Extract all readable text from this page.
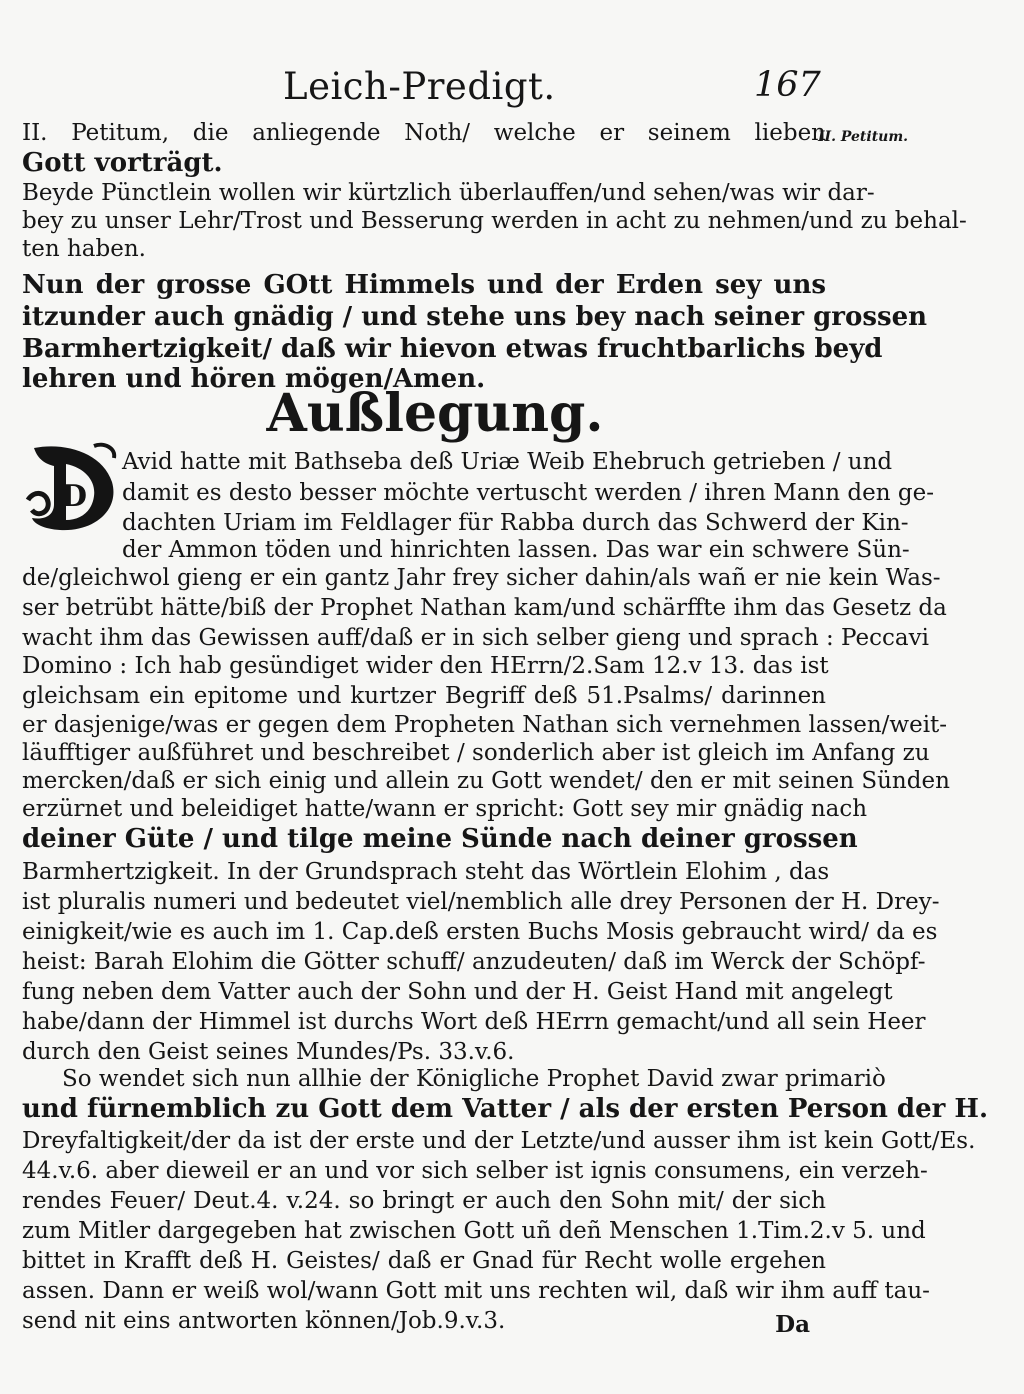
Leich-Predigt.	167
II. Petitum.
II. Petitum, die anliegende Noth/ welche er seinem lieben
Gott vorträgt.
Beyde Pünctlein wollen wir kürtzlich überlauffen/und sehen/was wir dar-
bey zu unser Lehr/Trost und Besserung werden in acht zu nehmen/und zu behal-
ten haben.
Nun der grosse GOtt Himmels und der Erden sey uns
itzunder auch gnädig / und stehe uns bey nach seiner grossen
Barmhertzigkeit/ daß wir hievon etwas fruchtbarlichs beyd
lehren und hören mögen/Amen.
Außlegung.
D
Avid hatte mit Bathseba deß Uriæ Weib Ehebruch getrieben / und
damit es desto besser möchte vertuscht werden / ihren Mann den ge-
dachten Uriam im Feldlager für Rabba durch das Schwerd der Kin-
der Ammon töden und hinrichten lassen. Das war ein schwere Sün-
de/gleichwol gieng er ein gantz Jahr frey sicher dahin/als wañ er nie kein Was-
ser betrübt hätte/biß der Prophet Nathan kam/und schärffte ihm das Gesetz da
wacht ihm das Gewissen auff/daß er in sich selber gieng und sprach : Peccavi
Domino : Ich hab gesündiget wider den HErrn/2.Sam 12.v 13. das ist
gleichsam ein epitome und kurtzer Begriff deß 51.Psalms/ darinnen
er dasjenige/was er gegen dem Propheten Nathan sich vernehmen lassen/weit-
läufftiger außführet und beschreibet / sonderlich aber ist gleich im Anfang zu
mercken/daß er sich einig und allein zu Gott wendet/ den er mit seinen Sünden
erzürnet und beleidiget hatte/wann er spricht: Gott sey mir gnädig nach
deiner Güte / und tilge meine Sünde nach deiner grossen
Barmhertzigkeit. In der Grundsprach steht das Wörtlein Elohim , das
ist pluralis numeri und bedeutet viel/nemblich alle drey Personen der H. Drey-
einigkeit/wie es auch im 1. Cap.deß ersten Buchs Mosis gebraucht wird/ da es
heist: Barah Elohim die Götter schuff/ anzudeuten/ daß im Werck der Schöpf-
fung neben dem Vatter auch der Sohn und der H. Geist Hand mit angelegt
habe/dann der Himmel ist durchs Wort deß HErrn gemacht/und all sein Heer
durch den Geist seines Mundes/Ps. 33.v.6.
So wendet sich nun allhie der Königliche Prophet David zwar primariò
und fürnemblich zu Gott dem Vatter / als der ersten Person der H.
Dreyfaltigkeit/der da ist der erste und der Letzte/und ausser ihm ist kein Gott/Es.
44.v.6. aber dieweil er an und vor sich selber ist ignis consumens, ein verzeh-
rendes Feuer/ Deut.4. v.24. so bringt er auch den Sohn mit/ der sich
zum Mitler dargegeben hat zwischen Gott uñ deñ Menschen 1.Tim.2.v 5. und
bittet in Krafft deß H. Geistes/ daß er Gnad für Recht wolle ergehen
assen. Dann er weiß wol/wann Gott mit uns rechten wil, daß wir ihm auff tau-
send nit eins antworten können/Job.9.v.3.	Da
